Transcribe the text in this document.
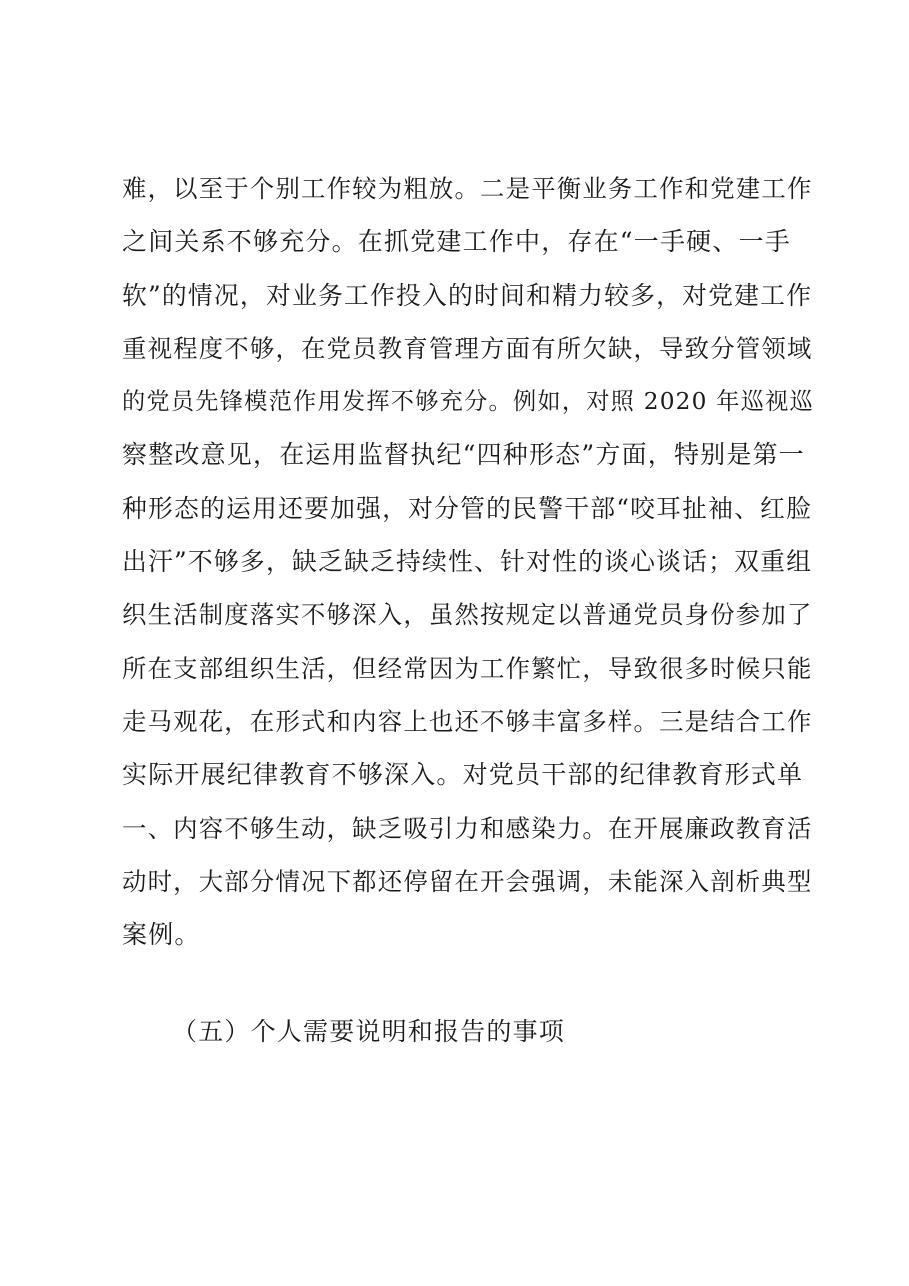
难，以至于个别工作较为粗放。二是平衡业务工作和党建工作
之间关系不够充分。在抓党建工作中，存在“一手硬、一手
软”的情况，对业务工作投入的时间和精力较多，对党建工作
重视程度不够，在党员教育管理方面有所欠缺，导致分管领域
的党员先锋模范作用发挥不够充分。例如，对照 2020 年巡视巡
察整改意见，在运用监督执纪“四种形态”方面，特别是第一
种形态的运用还要加强，对分管的民警干部“咬耳扯袖、红脸
出汗”不够多，缺乏缺乏持续性、针对性的谈心谈话；双重组
织生活制度落实不够深入，虽然按规定以普通党员身份参加了
所在支部组织生活，但经常因为工作繁忙，导致很多时候只能
走马观花，在形式和内容上也还不够丰富多样。三是结合工作
实际开展纪律教育不够深入。对党员干部的纪律教育形式单
一、内容不够生动，缺乏吸引力和感染力。在开展廉政教育活
动时，大部分情况下都还停留在开会强调，未能深入剖析典型
案例。
（五）个人需要说明和报告的事项
